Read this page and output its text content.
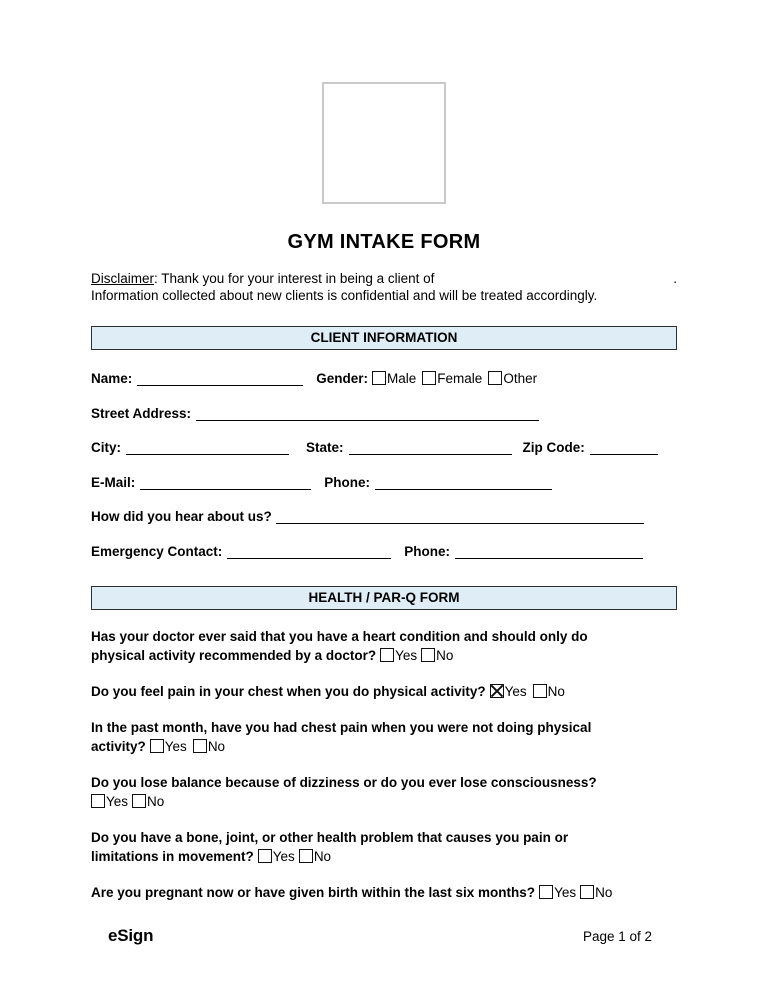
GYM INTAKE FORM
Disclaimer: Thank you for your interest in being a client of	.
Information collected about new clients is confidential and will be treated accordingly.
CLIENT INFORMATION
Name:	Gender: Male Female Other
Street Address:
City:	State:	Zip Code:
E-Mail:	Phone:
How did you hear about us?
Emergency Contact:	Phone:
HEALTH / PAR-Q FORM
Has your doctor ever said that you have a heart condition and should only do
physical activity recommended by a doctor? Yes No
Do you feel pain in your chest when you do physical activity? Yes No
In the past month, have you had chest pain when you were not doing physical
activity? Yes No
Do you lose balance because of dizziness or do you ever lose consciousness?
Yes No
Do you have a bone, joint, or other health problem that causes you pain or
limitations in movement? Yes No
Are you pregnant now or have given birth within the last six months? Yes No
eSign	Page 1 of 2
